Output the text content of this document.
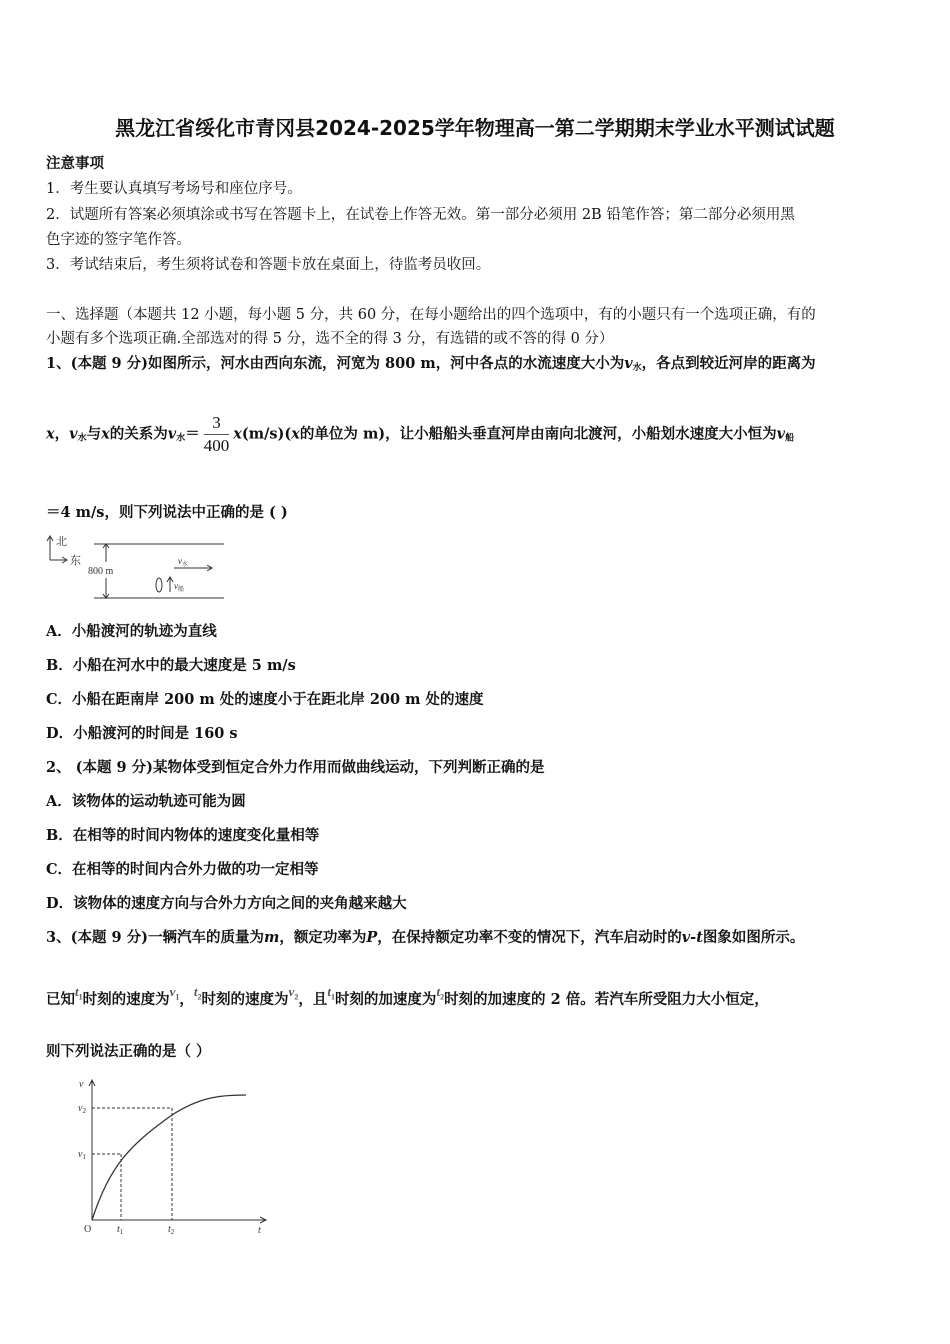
黑龙江省绥化市青冈县2024-2025学年物理高一第二学期期末学业水平测试试题
注意事项
1．考生要认真填写考场号和座位序号。
2．试题所有答案必须填涂或书写在答题卡上，在试卷上作答无效。第一部分必须用 2B 铅笔作答；第二部分必须用黑
色字迹的签字笔作答。
3．考试结束后，考生须将试卷和答题卡放在桌面上，待监考员收回。
一、选择题（本题共 12 小题，每小题 5 分，共 60 分，在每小题给出的四个选项中，有的小题只有一个选项正确，有的
小题有多个选项正确.全部选对的得 5 分，选不全的得 3 分，有选错的或不答的得 0 分）
1、(本题 9 分)如图所示，河水由西向东流，河宽为 800 m，河中各点的水流速度大小为$v_水$，各点到较近河岸的距离为
x，$v_水$与x的关系为$v_水= \frac{3}{400} x(m/s)(x$的单位为 m)，让小船船头垂直河岸由南向北渡河，小船划水速度大小恒为$v_船$
＝4 m/s，则下列说法中正确的是 ( )
北
东
800 m
$v_水$
$v_船$
A．小船渡河的轨迹为直线
B．小船在河水中的最大速度是 5 m/s
C．小船在距南岸 200 m 处的速度小于在距北岸 200 m 处的速度
D．小船渡河的时间是 160 s
2、 (本题 9 分)某物体受到恒定合外力作用而做曲线运动，下列判断正确的是
A．该物体的运动轨迹可能为圆
B．在相等的时间内物体的速度变化量相等
C．在相等的时间内合外力做的功一定相等
D．该物体的速度方向与合外力方向之间的夹角越来越大
3、(本题 9 分)一辆汽车的质量为m，额定功率为P，在保持额定功率不变的情况下，汽车启动时的v-t图象如图所示。
已知$t_1$时刻的速度为$v_1$，$t_2$时刻的速度为$v_2$，且$t_1$时刻的加速度为$t_2$时刻的加速度的 2 倍。若汽车所受阻力大小恒定，
则下列说法正确的是（ ）
v
t
O
$v_1$
$v_2$
$t_1$	$t_2$
